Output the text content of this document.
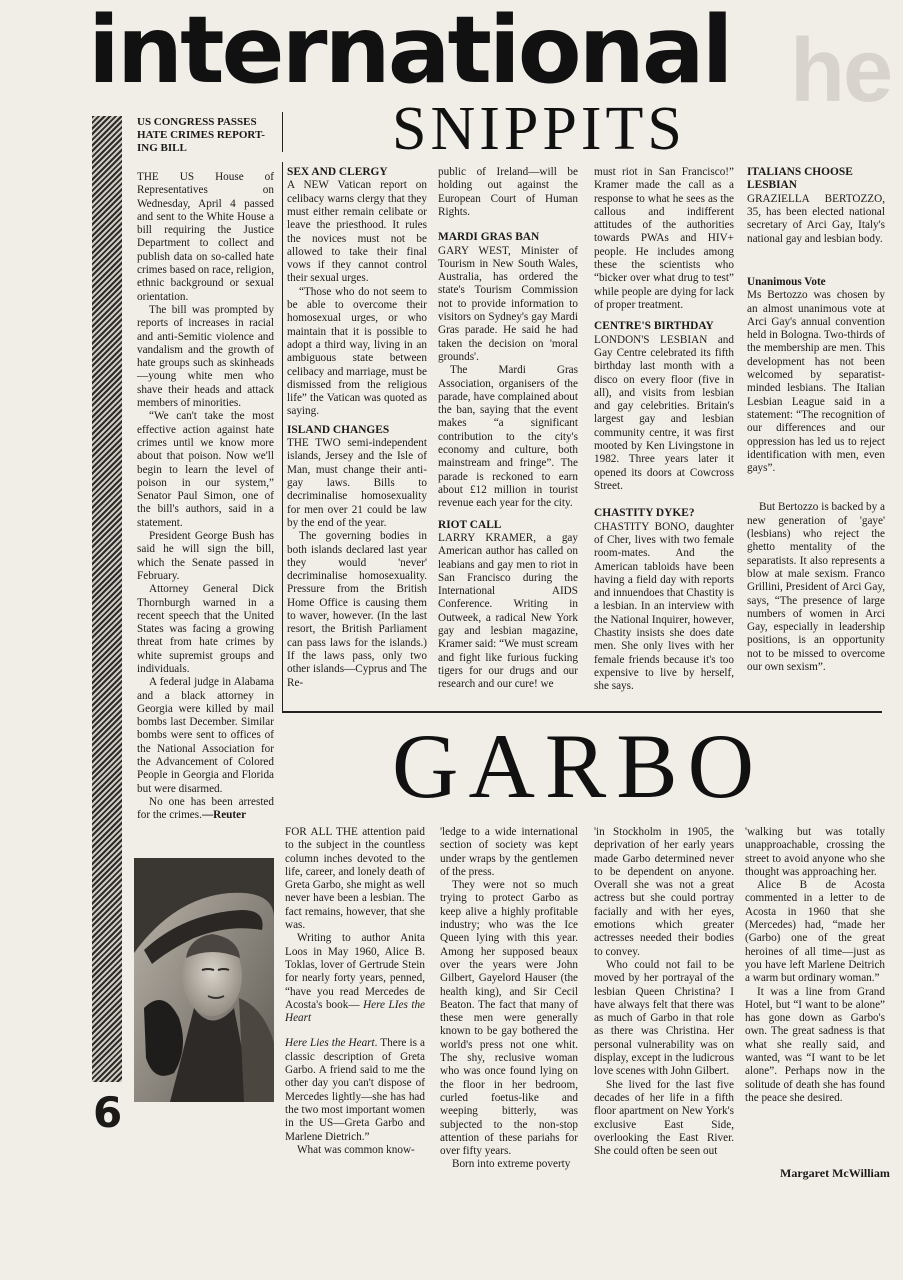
he
international
6
SNIPPITS
US CONGRESS PASSES HATE CRIMES REPORT-ING BILL

THE US House of Representatives on Wednesday, April 4 passed and sent to the White House a bill requiring the Justice Department to collect and publish data on so-called hate crimes based on race, religion, ethnic background or sexual orientation.

The bill was prompted by reports of increases in racial and anti-Semitic violence and vandalism and the growth of hate groups such as skinheads—young white men who shave their heads and attack members of minorities.

“We can't take the most effective action against hate crimes until we know more about that poison. Now we'll begin to learn the level of poison in our system,” Senator Paul Simon, one of the bill's authors, said in a statement.

President George Bush has said he will sign the bill, which the Senate passed in February.

Attorney General Dick Thornburgh warned in a recent speech that the United States was facing a growing threat from hate crimes by white supremist groups and individuals.

A federal judge in Alabama and a black attorney in Georgia were killed by mail bombs last December. Similar bombs were sent to offices of the National Association for the Advancement of Colored People in Georgia and Florida but were disarmed.

No one has been arrested for the crimes.—Reuter

SEX AND CLERGY

A NEW Vatican report on celibacy warns clergy that they must either remain celibate or leave the priesthood. It rules the novices must not be allowed to take their final vows if they cannot control their sexual urges.

“Those who do not seem to be able to overcome their homosexual urges, or who maintain that it is possible to adopt a third way, living in an ambiguous state between celibacy and marriage, must be dismissed from the religious life” the Vatican was quoted as saying.

ISLAND CHANGES

THE TWO semi-independent islands, Jersey and the Isle of Man, must change their anti-gay laws. Bills to decriminalise homosexuality for men over 21 could be law by the end of the year.

The governing bodies in both islands declared last year they would 'never' decriminalise homosexuality. Pressure from the British Home Office is causing them to waver, however. (In the last resort, the British Parliament can pass laws for the islands.) If the laws pass, only two other islands—Cyprus and The Re-

public of Ireland—will be holding out against the European Court of Human Rights.

MARDI GRAS BAN

GARY WEST, Minister of Tourism in New South Wales, Australia, has ordered the state's Tourism Commission not to provide information to visitors on Sydney's gay Mardi Gras parade. He said he had taken the decision on 'moral grounds'.

The Mardi Gras Association, organisers of the parade, have complained about the ban, saying that the event makes “a significant contribution to the city's economy and culture, both mainstream and fringe”. The parade is reckoned to earn about £12 million in tourist revenue each year for the city.

RIOT CALL

LARRY KRAMER, a gay American author has called on leabians and gay men to riot in San Francisco during the International AIDS Conference. Writing in Outweek, a radical New York gay and lesbian magazine, Kramer said: “We must scream and fight like furious fucking tigers for our drugs and our research and our cure! we

must riot in San Francisco!” Kramer made the call as a response to what he sees as the callous and indifferent attitudes of the authorities towards PWAs and HIV+ people. He includes among these the scientists who “bicker over what drug to test” while people are dying for lack of proper treatment.

CENTRE'S BIRTHDAY

LONDON'S LESBIAN and Gay Centre celebrated its fifth birthday last month with a disco on every floor (five in all), and visits from lesbian and gay celebrities. Britain's largest gay and lesbian community centre, it was first mooted by Ken Livingstone in 1982. Three years later it opened its doors at Cowcross Street.

CHASTITY DYKE?

CHASTITY BONO, daughter of Cher, lives with two female room-mates. And the American tabloids have been having a field day with reports and innuendoes that Chastity is a lesbian. In an interview with the National Inquirer, however, Chastity insists she does date men. She only lives with her female friends because it's too expensive to live by herself, she says.

ITALIANS CHOOSE LESBIAN

GRAZIELLA BERTOZZO, 35, has been elected national secretary of Arci Gay, Italy's national gay and lesbian body.

Unanimous Vote

Ms Bertozzo was chosen by an almost unanimous vote at Arci Gay's annual convention held in Bologna. Two-thirds of the membership are men. This development has not been welcomed by separatist-minded lesbians. The Italian Lesbian League said in a statement: “The recognition of our differences and our oppression has led us to reject identification with men, even gays”.

But Bertozzo is backed by a new generation of 'gaye' (lesbians) who reject the ghetto mentality of the separatists. It also represents a blow at male sexism. Franco Grillini, President of Arci Gay, says, “The presence of large numbers of women in Arci Gay, especially in leadership positions, is an opportunity not to be missed to overcome our own sexism”.

GARBO

FOR ALL THE attention paid to the subject in the countless column inches devoted to the life, career, and lonely death of Greta Garbo, she might as well never have been a lesbian. The fact remains, however, that she was.

Writing to author Anita Loos in May 1960, Alice B. Toklas, lover of Gertrude Stein for nearly forty years, penned, “have you read Mercedes de Acosta's book— Here LIes the Heart

Here Lies the Heart. There is a classic description of Greta Garbo. A friend said to me the other day you can't dispose of Mercedes lightly—she has had the two most important women in the US—Greta Garbo and Marlene Dietrich.”

What was common know-

'ledge to a wide international section of society was kept under wraps by the gentlemen of the press.

They were not so much trying to protect Garbo as keep alive a highly profitable industry; who was the Ice Queen lying with this year. Among her supposed beaux over the years were John Gilbert, Gayelord Hauser (the health king), and Sir Cecil Beaton. The fact that many of these men were generally known to be gay bothered the world's press not one whit. The shy, reclusive woman who was once found lying on the floor in her bedroom, curled foetus-like and weeping bitterly, was subjected to the non-stop attention of these pariahs for over fifty years.

Born into extreme poverty

'in Stockholm in 1905, the deprivation of her early years made Garbo determined never to be dependent on anyone. Overall she was not a great actress but she could portray facially and with her eyes, emotions which greater actresses needed their bodies to convey.

Who could not fail to be moved by her portrayal of the lesbian Queen Christina? I have always felt that there was as much of Garbo in that role as there was Christina. Her personal vulnerability was on display, except in the ludicrous love scenes with John Gilbert.

She lived for the last five decades of her life in a fifth floor apartment on New York's exclusive East Side, overlooking the East River. She could often be seen out

'walking but was totally unapproachable, crossing the street to avoid anyone who she thought was approaching her.

Alice B de Acosta commented in a letter to de Acosta in 1960 that she (Mercedes) had, “made her (Garbo) one of the great heroines of all time—just as you have left Marlene Deitrich a warm but ordinary woman.”

It was a line from Grand Hotel, but “I want to be alone” has gone down as Garbo's own. The great sadness is that what she really said, and wanted, was “I want to be let alone”. Perhaps now in the solitude of death she has found the peace she desired.

Margaret McWilliam
